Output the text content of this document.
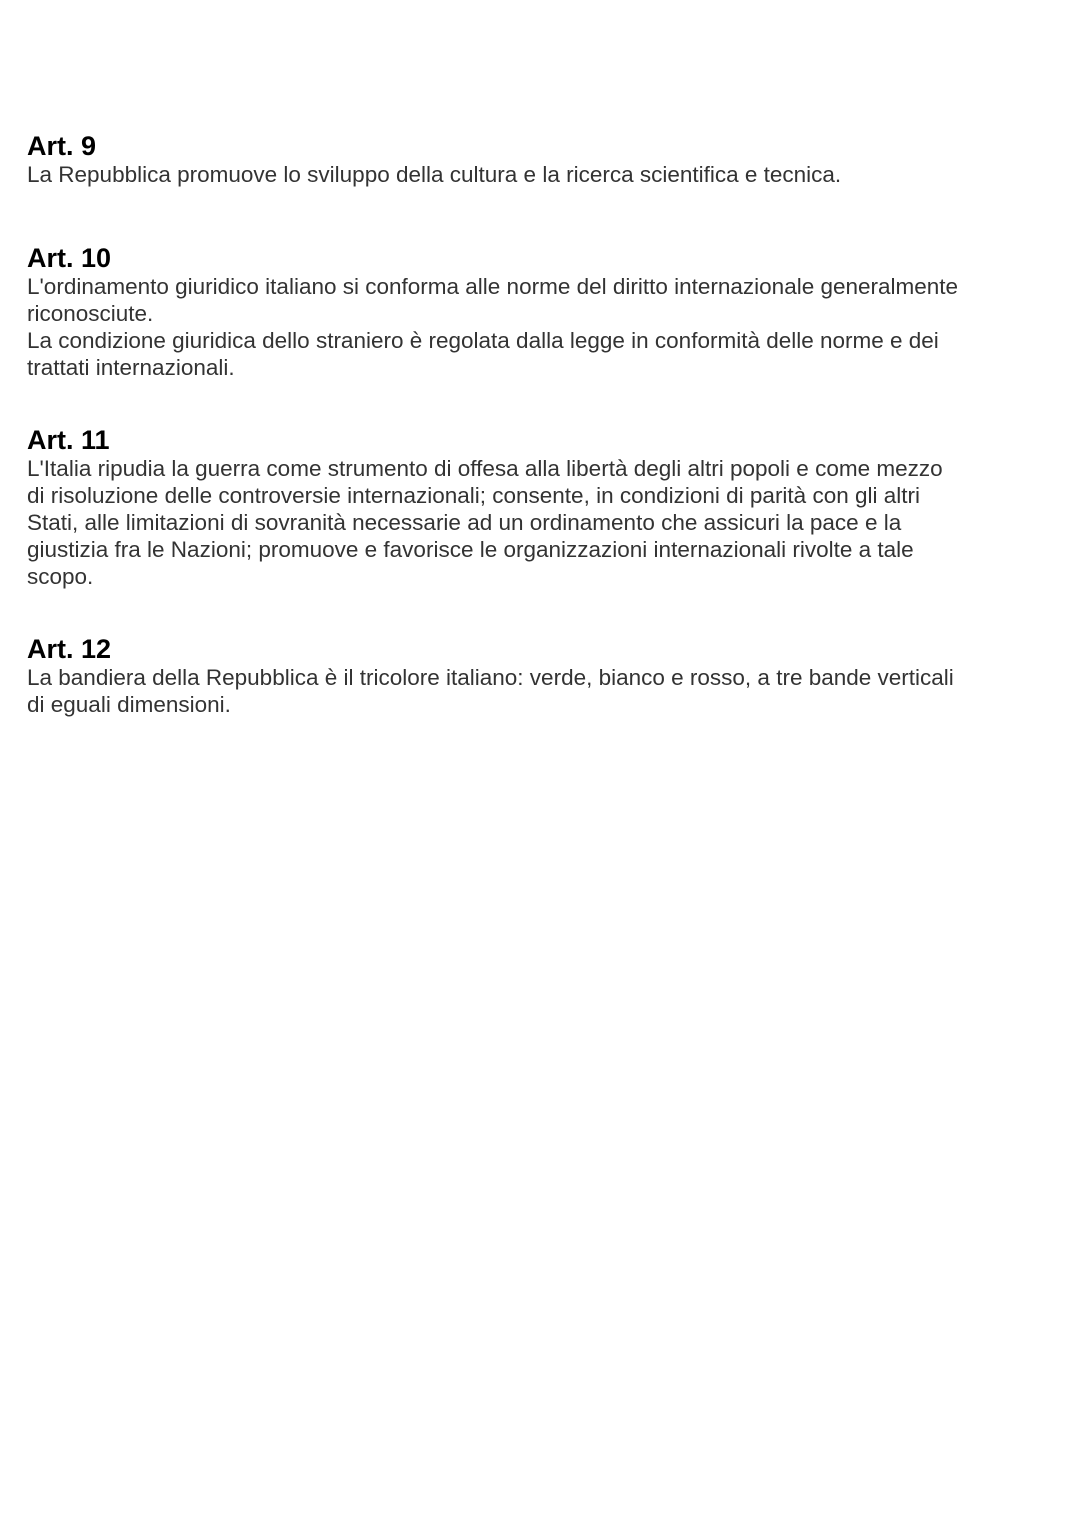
Art. 9
La Repubblica promuove lo sviluppo della cultura e la ricerca scientifica e tecnica.
Art. 10
L'ordinamento giuridico italiano si conforma alle norme del diritto internazionale generalmente
riconosciute.
La condizione giuridica dello straniero è regolata dalla legge in conformità delle norme e dei
trattati internazionali.
Art. 11
L'Italia ripudia la guerra come strumento di offesa alla libertà degli altri popoli e come mezzo
di risoluzione delle controversie internazionali; consente, in condizioni di parità con gli altri
Stati, alle limitazioni di sovranità necessarie ad un ordinamento che assicuri la pace e la
giustizia fra le Nazioni; promuove e favorisce le organizzazioni internazionali rivolte a tale
scopo.
Art. 12
La bandiera della Repubblica è il tricolore italiano: verde, bianco e rosso, a tre bande verticali
di eguali dimensioni.
